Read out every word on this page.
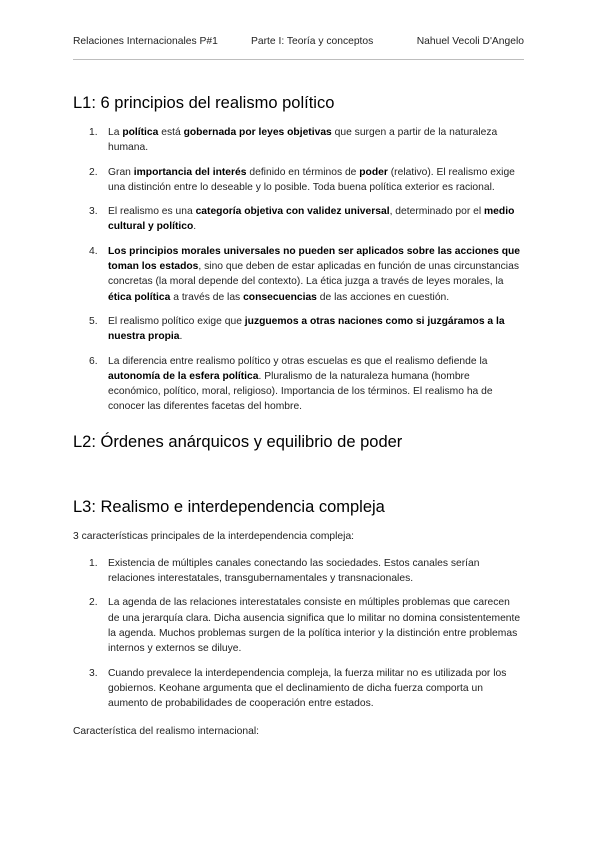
Relaciones Internacionales P#1	Parte I: Teoría y conceptos	Nahuel Vecoli D'Angelo
L1: 6 principios del realismo político
1.	La política está gobernada por leyes objetivas que surgen a partir de la naturaleza humana.
2.	Gran importancia del interés definido en términos de poder (relativo). El realismo exige una distinción entre lo deseable y lo posible. Toda buena política exterior es racional.
3.	El realismo es una categoría objetiva con validez universal, determinado por el medio cultural y político.
4.	Los principios morales universales no pueden ser aplicados sobre las acciones que toman los estados, sino que deben de estar aplicadas en función de unas circunstancias concretas (la moral depende del contexto). La ética juzga a través de leyes morales, la ética política a través de las consecuencias de las acciones en cuestión.
5.	El realismo político exige que juzguemos a otras naciones como si juzgáramos a la nuestra propia.
6.	La diferencia entre realismo político y otras escuelas es que el realismo defiende la autonomía de la esfera política. Pluralismo de la naturaleza humana (hombre económico, político, moral, religioso). Importancia de los términos. El realismo ha de conocer las diferentes facetas del hombre.
L2: Órdenes anárquicos y equilibrio de poder
L3: Realismo e interdependencia compleja

3 características principales de la interdependencia compleja:

1.	Existencia de múltiples canales conectando las sociedades. Estos canales serían relaciones interestatales, transgubernamentales y transnacionales.
2.	La agenda de las relaciones interestatales consiste en múltiples problemas que carecen de una jerarquía clara. Dicha ausencia significa que lo militar no domina consistentemente la agenda. Muchos problemas surgen de la política interior y la distinción entre problemas internos y externos se diluye.
3.	Cuando prevalece la interdependencia compleja, la fuerza militar no es utilizada por los gobiernos. Keohane argumenta que el declinamiento de dicha fuerza comporta un aumento de probabilidades de cooperación entre estados.

Característica del realismo internacional:
